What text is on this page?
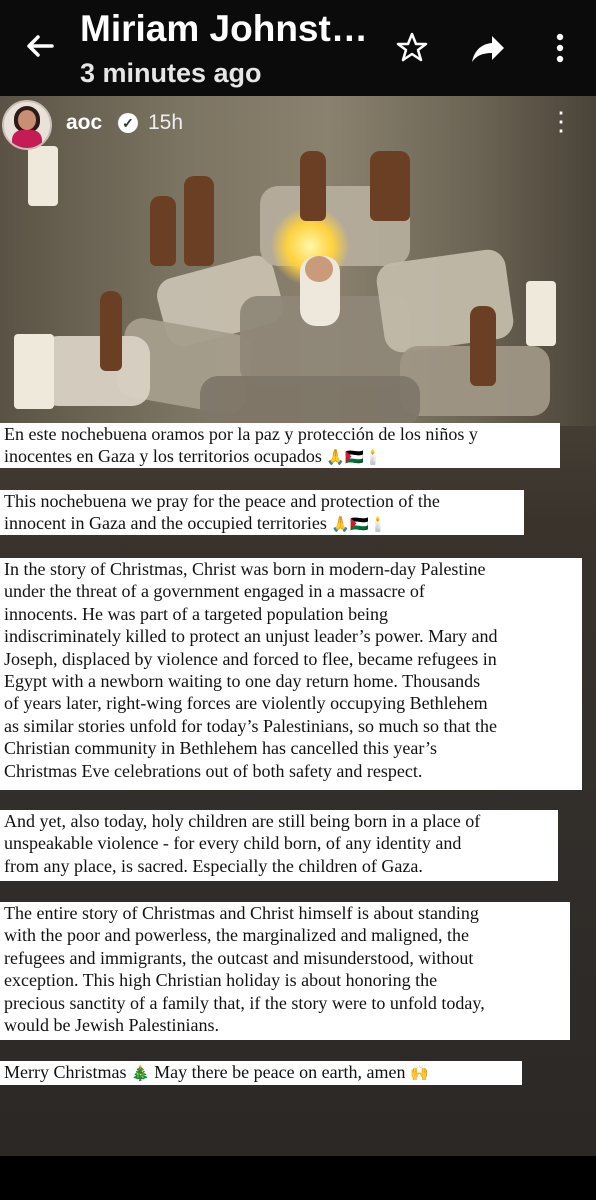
Miriam Johnst…
3 minutes ago
aoc ✓ 15h	⋮
En este nochebuena oramos por la paz y protección de los niños y
inocentes en Gaza y los territorios ocupados 🙏🇵🇸🕯️
This nochebuena we pray for the peace and protection of the
innocent in Gaza and the occupied territories 🙏🇵🇸🕯️
In the story of Christmas, Christ was born in modern-day Palestine
under the threat of a government engaged in a massacre of
innocents. He was part of a targeted population being
indiscriminately killed to protect an unjust leader’s power. Mary and
Joseph, displaced by violence and forced to flee, became refugees in
Egypt with a newborn waiting to one day return home. Thousands
of years later, right-wing forces are violently occupying Bethlehem
as similar stories unfold for today’s Palestinians, so much so that the
Christian community in Bethlehem has cancelled this year’s
Christmas Eve celebrations out of both safety and respect.
And yet, also today, holy children are still being born in a place of
unspeakable violence - for every child born, of any identity and
from any place, is sacred. Especially the children of Gaza.
The entire story of Christmas and Christ himself is about standing
with the poor and powerless, the marginalized and maligned, the
refugees and immigrants, the outcast and misunderstood, without
exception. This high Christian holiday is about honoring the
precious sanctity of a family that, if the story were to unfold today,
would be Jewish Palestinians.
Merry Christmas 🎄 May there be peace on earth, amen 🙌
